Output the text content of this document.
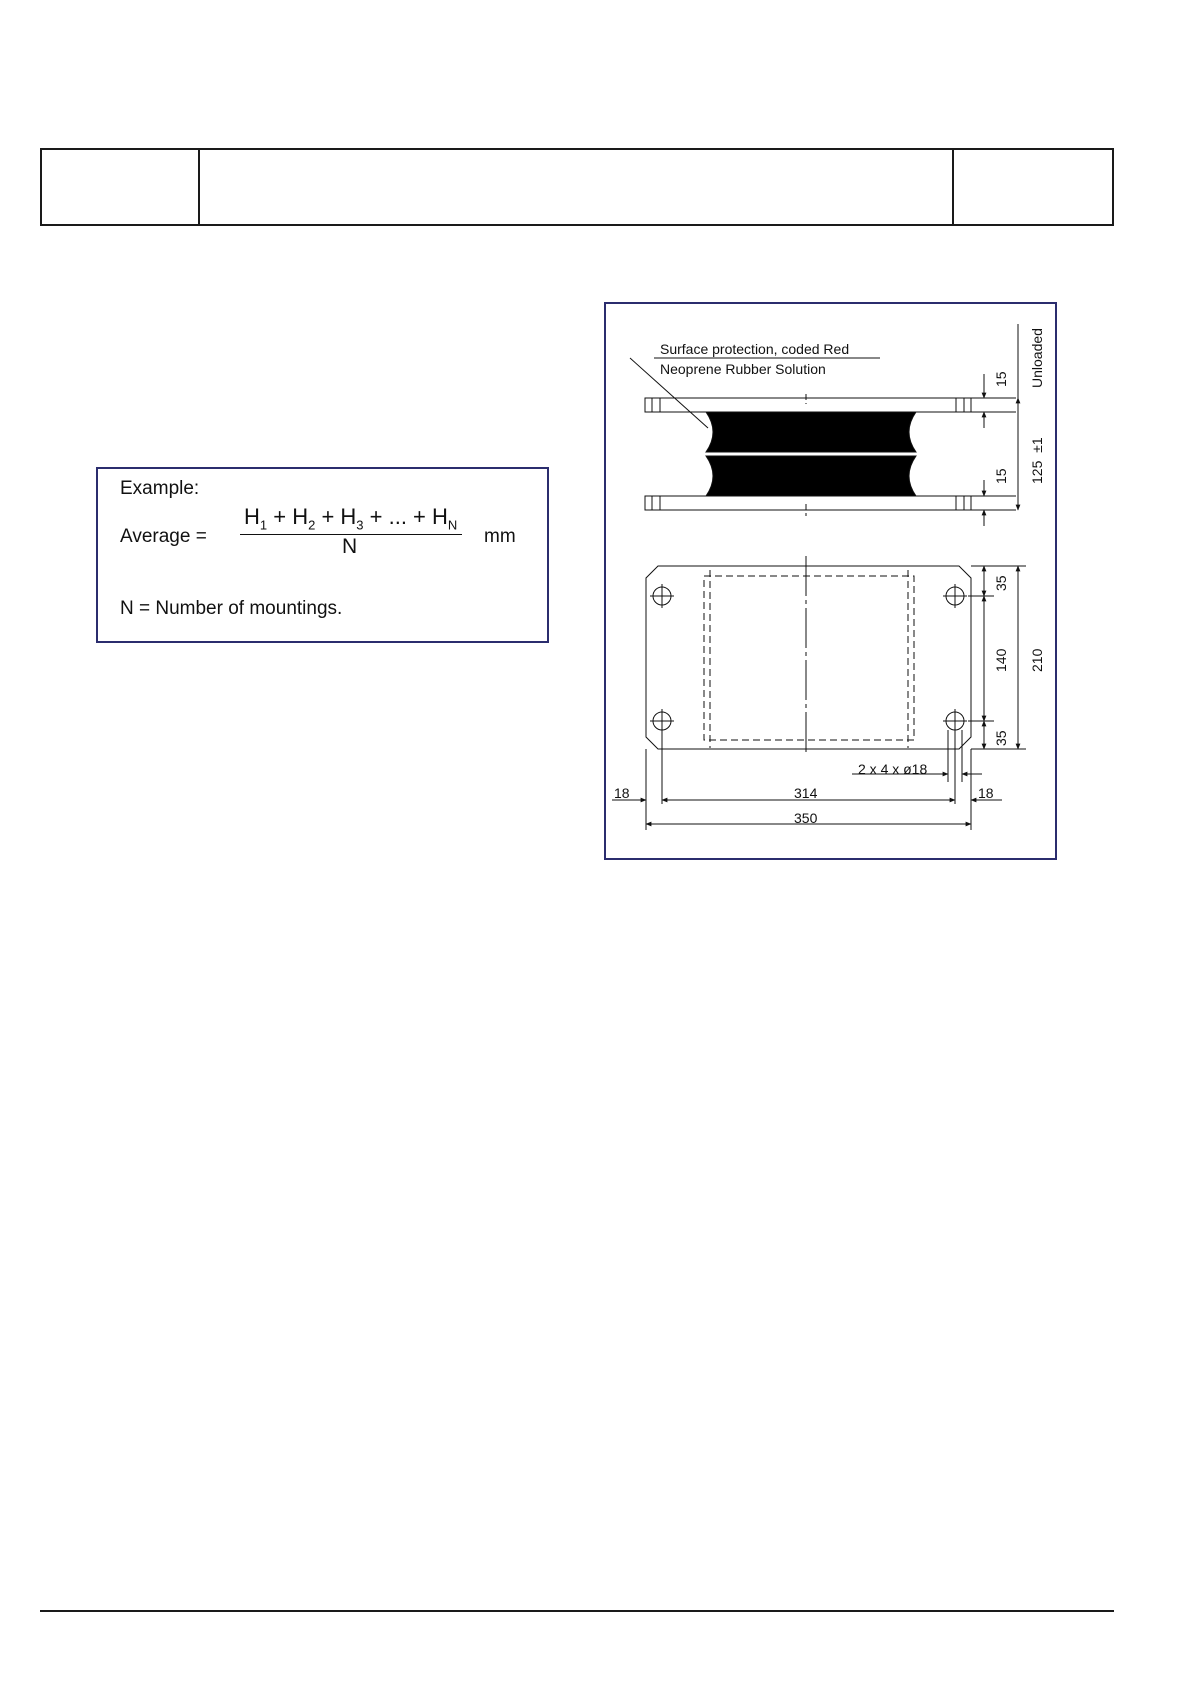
Example:
Average =
$H_1 + H_2 + H_3$ + ... + $H_N$
N	mm
N = Number of mountings.
Surface protection, coded Red
Neoprene Rubber Solution	Unloaded
15
15 125  ±1
35
140
35
210
2 x 4 x ø18
18	314	18
350
